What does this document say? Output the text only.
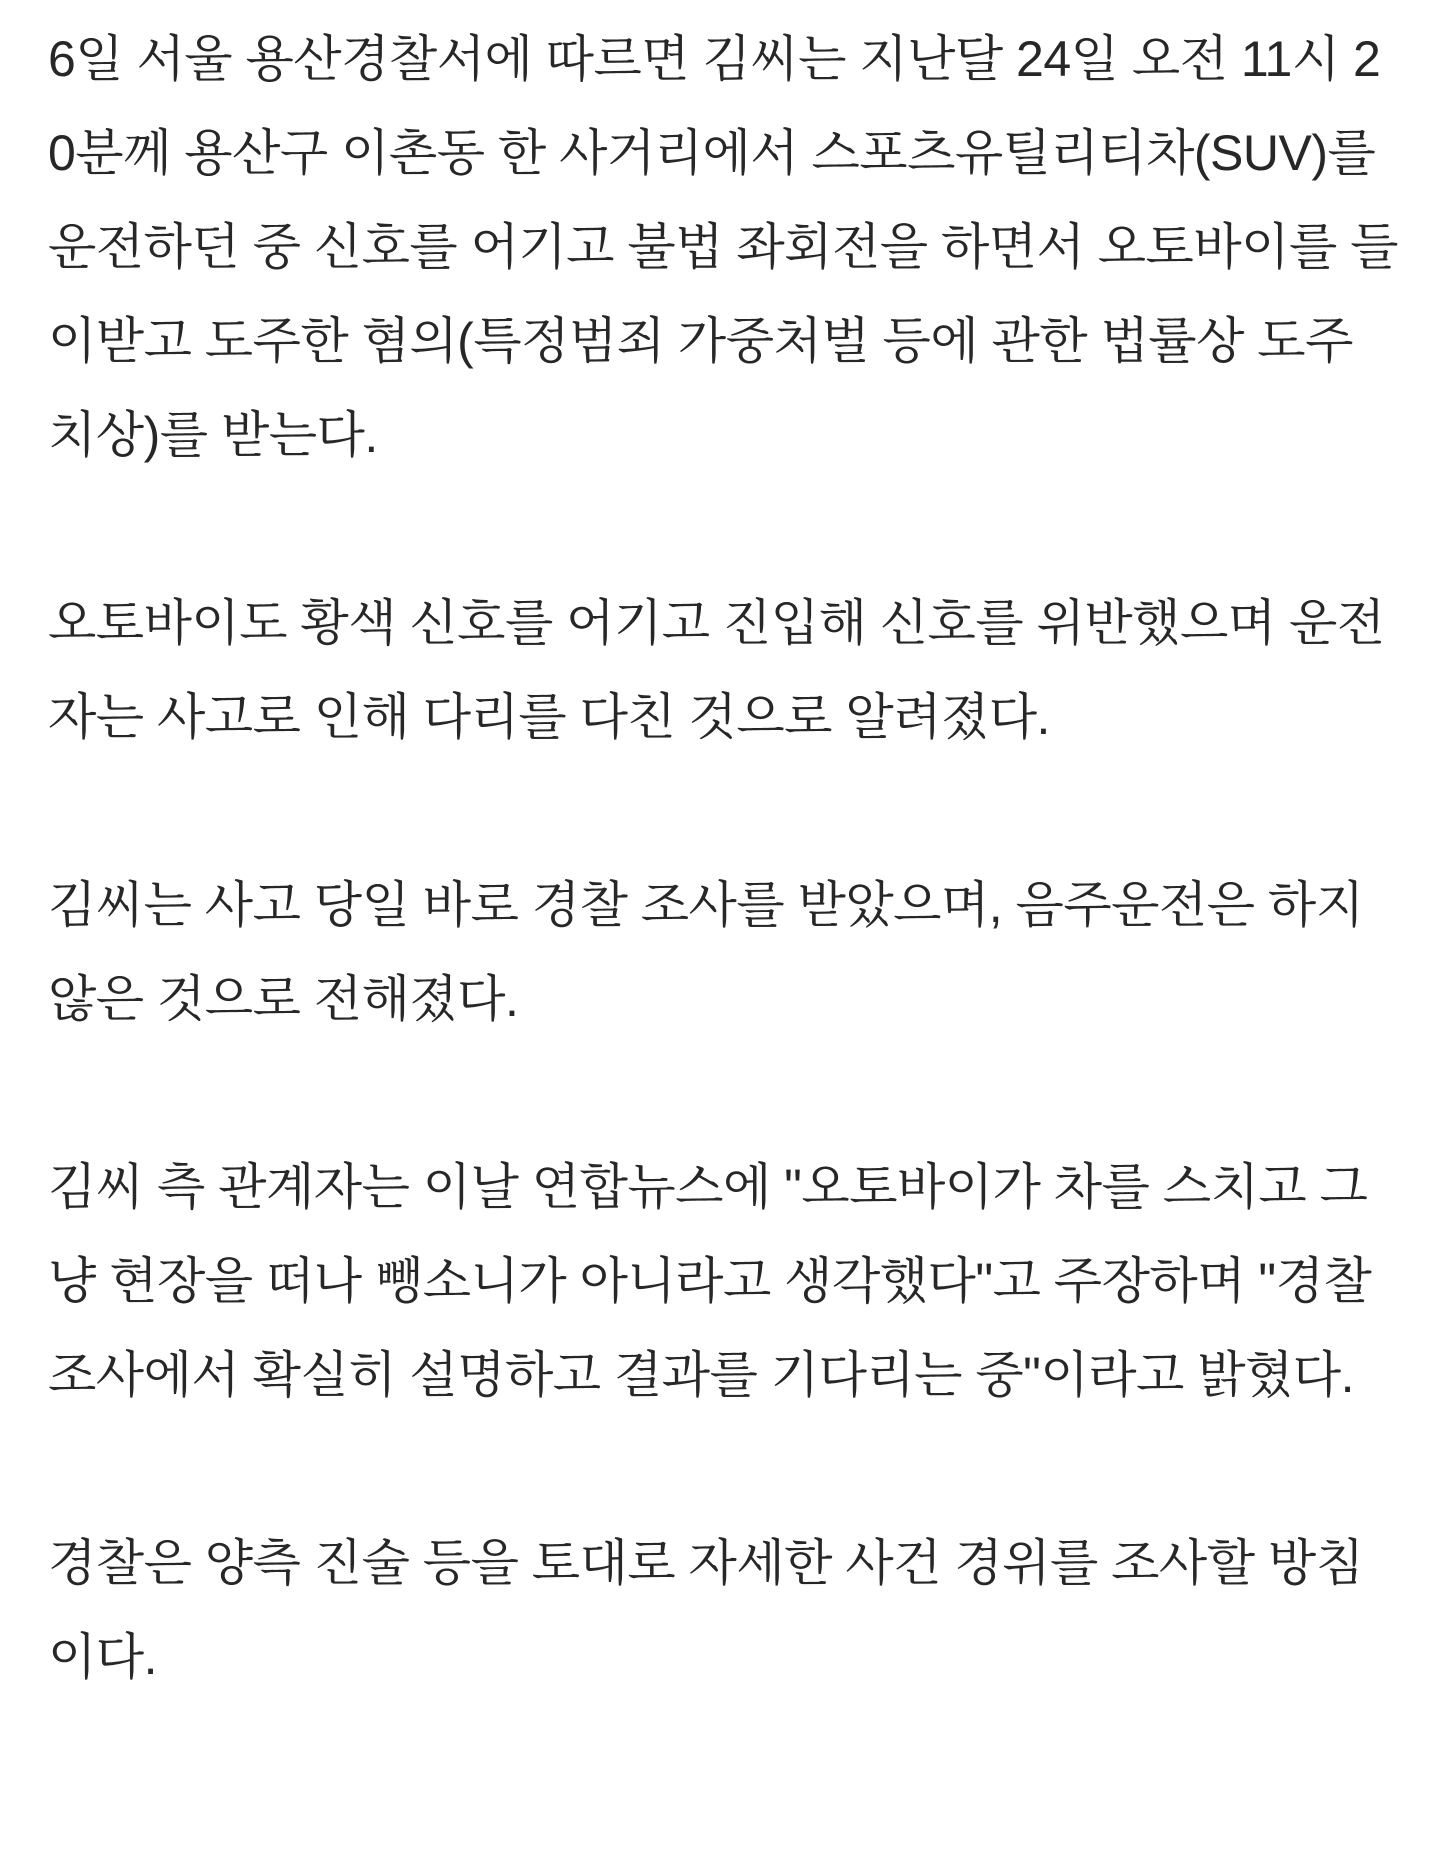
6일 서울 용산경찰서에 따르면 김씨는 지난달 24일 오전 11시 20분께 용산구 이촌동 한 사거리에서 스포츠유틸리티차(SUV)를 운전하던 중 신호를 어기고 불법 좌회전을 하면서 오토바이를 들이받고 도주한 혐의(특정범죄 가중처벌 등에 관한 법률상 도주치상)를 받는다.

오토바이도 황색 신호를 어기고 진입해 신호를 위반했으며 운전자는 사고로 인해 다리를 다친 것으로 알려졌다.

김씨는 사고 당일 바로 경찰 조사를 받았으며, 음주운전은 하지 않은 것으로 전해졌다.

김씨 측 관계자는 이날 연합뉴스에 "오토바이가 차를 스치고 그냥 현장을 떠나 뺑소니가 아니라고 생각했다"고 주장하며 "경찰 조사에서 확실히 설명하고 결과를 기다리는 중"이라고 밝혔다.

경찰은 양측 진술 등을 토대로 자세한 사건 경위를 조사할 방침이다.
